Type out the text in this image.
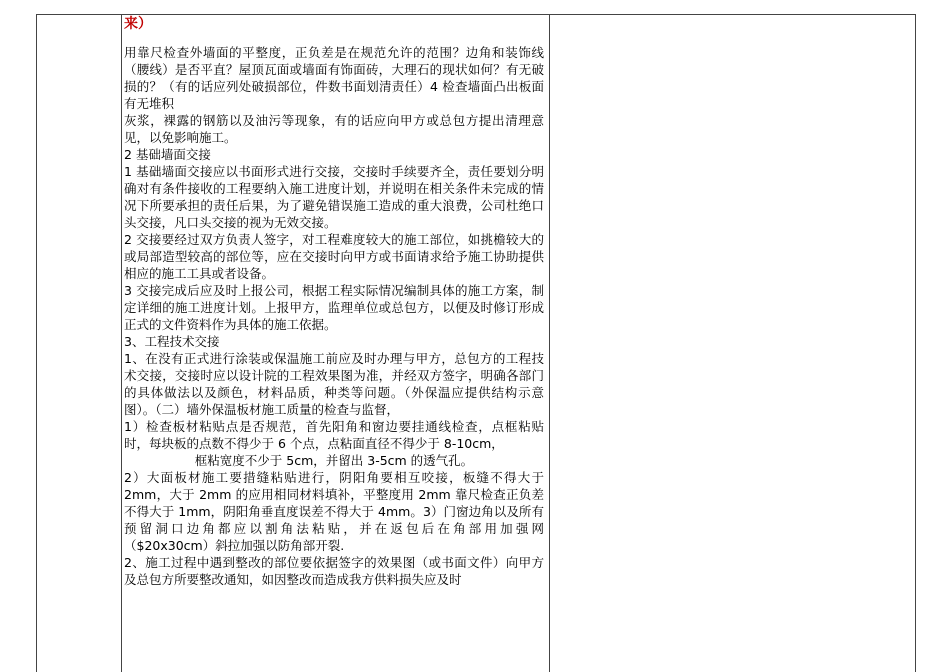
来）

用靠尺检查外墙面的平整度，正负差是在规范允许的范围？边角和装饰线（腰线）是否平直？屋顶瓦面或墙面有饰面砖，大理石的现状如何？有无破损的？（有的话应列处破损部位，件数书面划清责任）4 检查墙面凸出板面有无堆积

灰浆，裸露的钢筋以及油污等现象，有的话应向甲方或总包方提出清理意见，以免影响施工。

2 基础墙面交接

1 基础墙面交接应以书面形式进行交接，交接时手续要齐全，责任要划分明确对有条件接收的工程要纳入施工进度计划，并说明在相关条件未完成的情况下所要承担的责任后果，为了避免错误施工造成的重大浪费，公司杜绝口头交接，凡口头交接的视为无效交接。

2 交接要经过双方负责人签字，对工程难度较大的施工部位，如挑檐较大的或局部造型较高的部位等，应在交接时向甲方或书面请求给予施工协助提供相应的施工工具或者设备。

3 交接完成后应及时上报公司，根据工程实际情况编制具体的施工方案，制定详细的施工进度计划。上报甲方，监理单位或总包方，以便及时修订形成正式的文件资料作为具体的施工依据。

3、工程技术交接

1、在没有正式进行涂装或保温施工前应及时办理与甲方，总包方的工程技术交接，交接时应以设计院的工程效果图为准，并经双方签字，明确各部门的具体做法以及颜色，材料品质，种类等问题。（外保温应提供结构示意图）。（二）墙外保温板材施工质量的检查与监督，

1）检查板材粘贴点是否规范，首先阳角和窗边要挂通线检查，点框粘贴时，每块板的点数不得少于 6 个点，点粘面直径不得少于 8-10cm，

框粘宽度不少于 5cm，并留出 3-5cm 的透气孔。

2）大面板材施工要措缝粘贴进行，阴阳角要相互咬接，板缝不得大于 2mm，大于 2mm 的应用相同材料填补，平整度用 2mm 靠尺检查正负差不得大于 1mm，阴阳角垂直度误差不得大于 4mm。3）门窗边角以及所有预留洞口边角都应以割角法粘贴，并在返包后在角部用加强网（$20x30cm）斜拉加强以防角部开裂.

2、施工过程中遇到整改的部位要依据签字的效果图（或书面文件）向甲方及总包方所要整改通知，如因整改而造成我方供料损失应及时
